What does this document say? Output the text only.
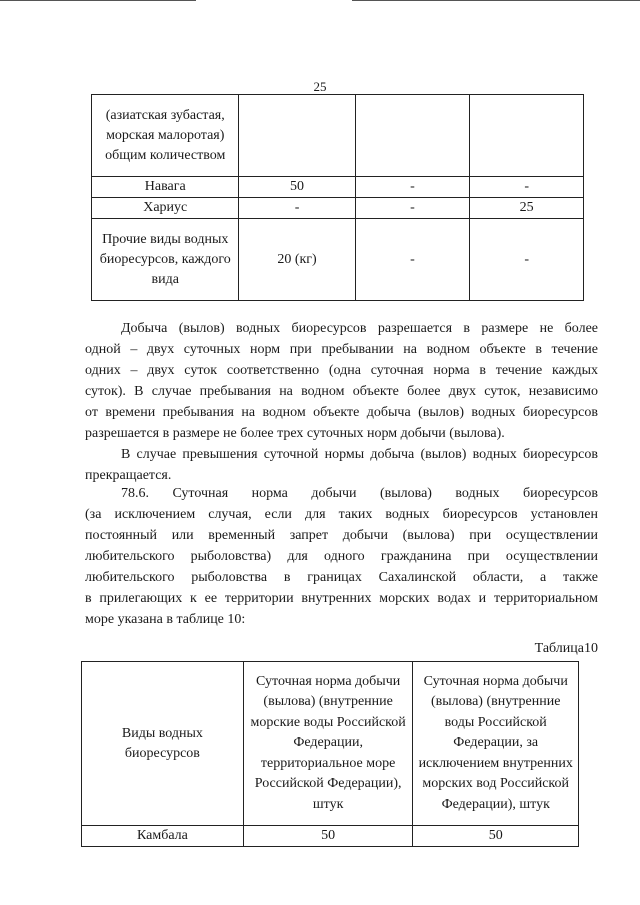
25
(азиатская зубастая, морская малоротая) общим количеством			
Навага	50	-	-
Хариус	-	-	25
Прочие виды водных биоресурсов, каждого вида	20 (кг)	-	-
Добыча (вылов) водных биоресурсов разрешается в размере не более
одной – двух суточных норм при пребывании на водном объекте в течение
одних – двух суток соответственно (одна суточная норма в течение каждых
суток). В случае пребывания на водном объекте более двух суток, независимо
от времени пребывания на водном объекте добыча (вылов) водных биоресурсов
разрешается в размере не более трех суточных норм добычи (вылова).
В случае превышения суточной нормы добыча (вылов) водных биоресурсов
прекращается.
78.6. Суточная норма добычи (вылова) водных биоресурсов
(за исключением случая, если для таких водных биоресурсов установлен
постоянный или временный запрет добычи (вылова) при осуществлении
любительского рыболовства) для одного гражданина при осуществлении
любительского рыболовства в границах Сахалинской области, а также
в прилегающих к ее территории внутренних морских водах и территориальном
море указана в таблице 10:
Таблица10
Виды водных биоресурсов	Суточная норма добычи (вылова) (внутренние морские воды Российской Федерации, территориальное море Российской Федерации), штук	Суточная норма добычи (вылова) (внутренние воды Российской Федерации, за исключением внутренних морских вод Российской Федерации), штук
Камбала	50	50
